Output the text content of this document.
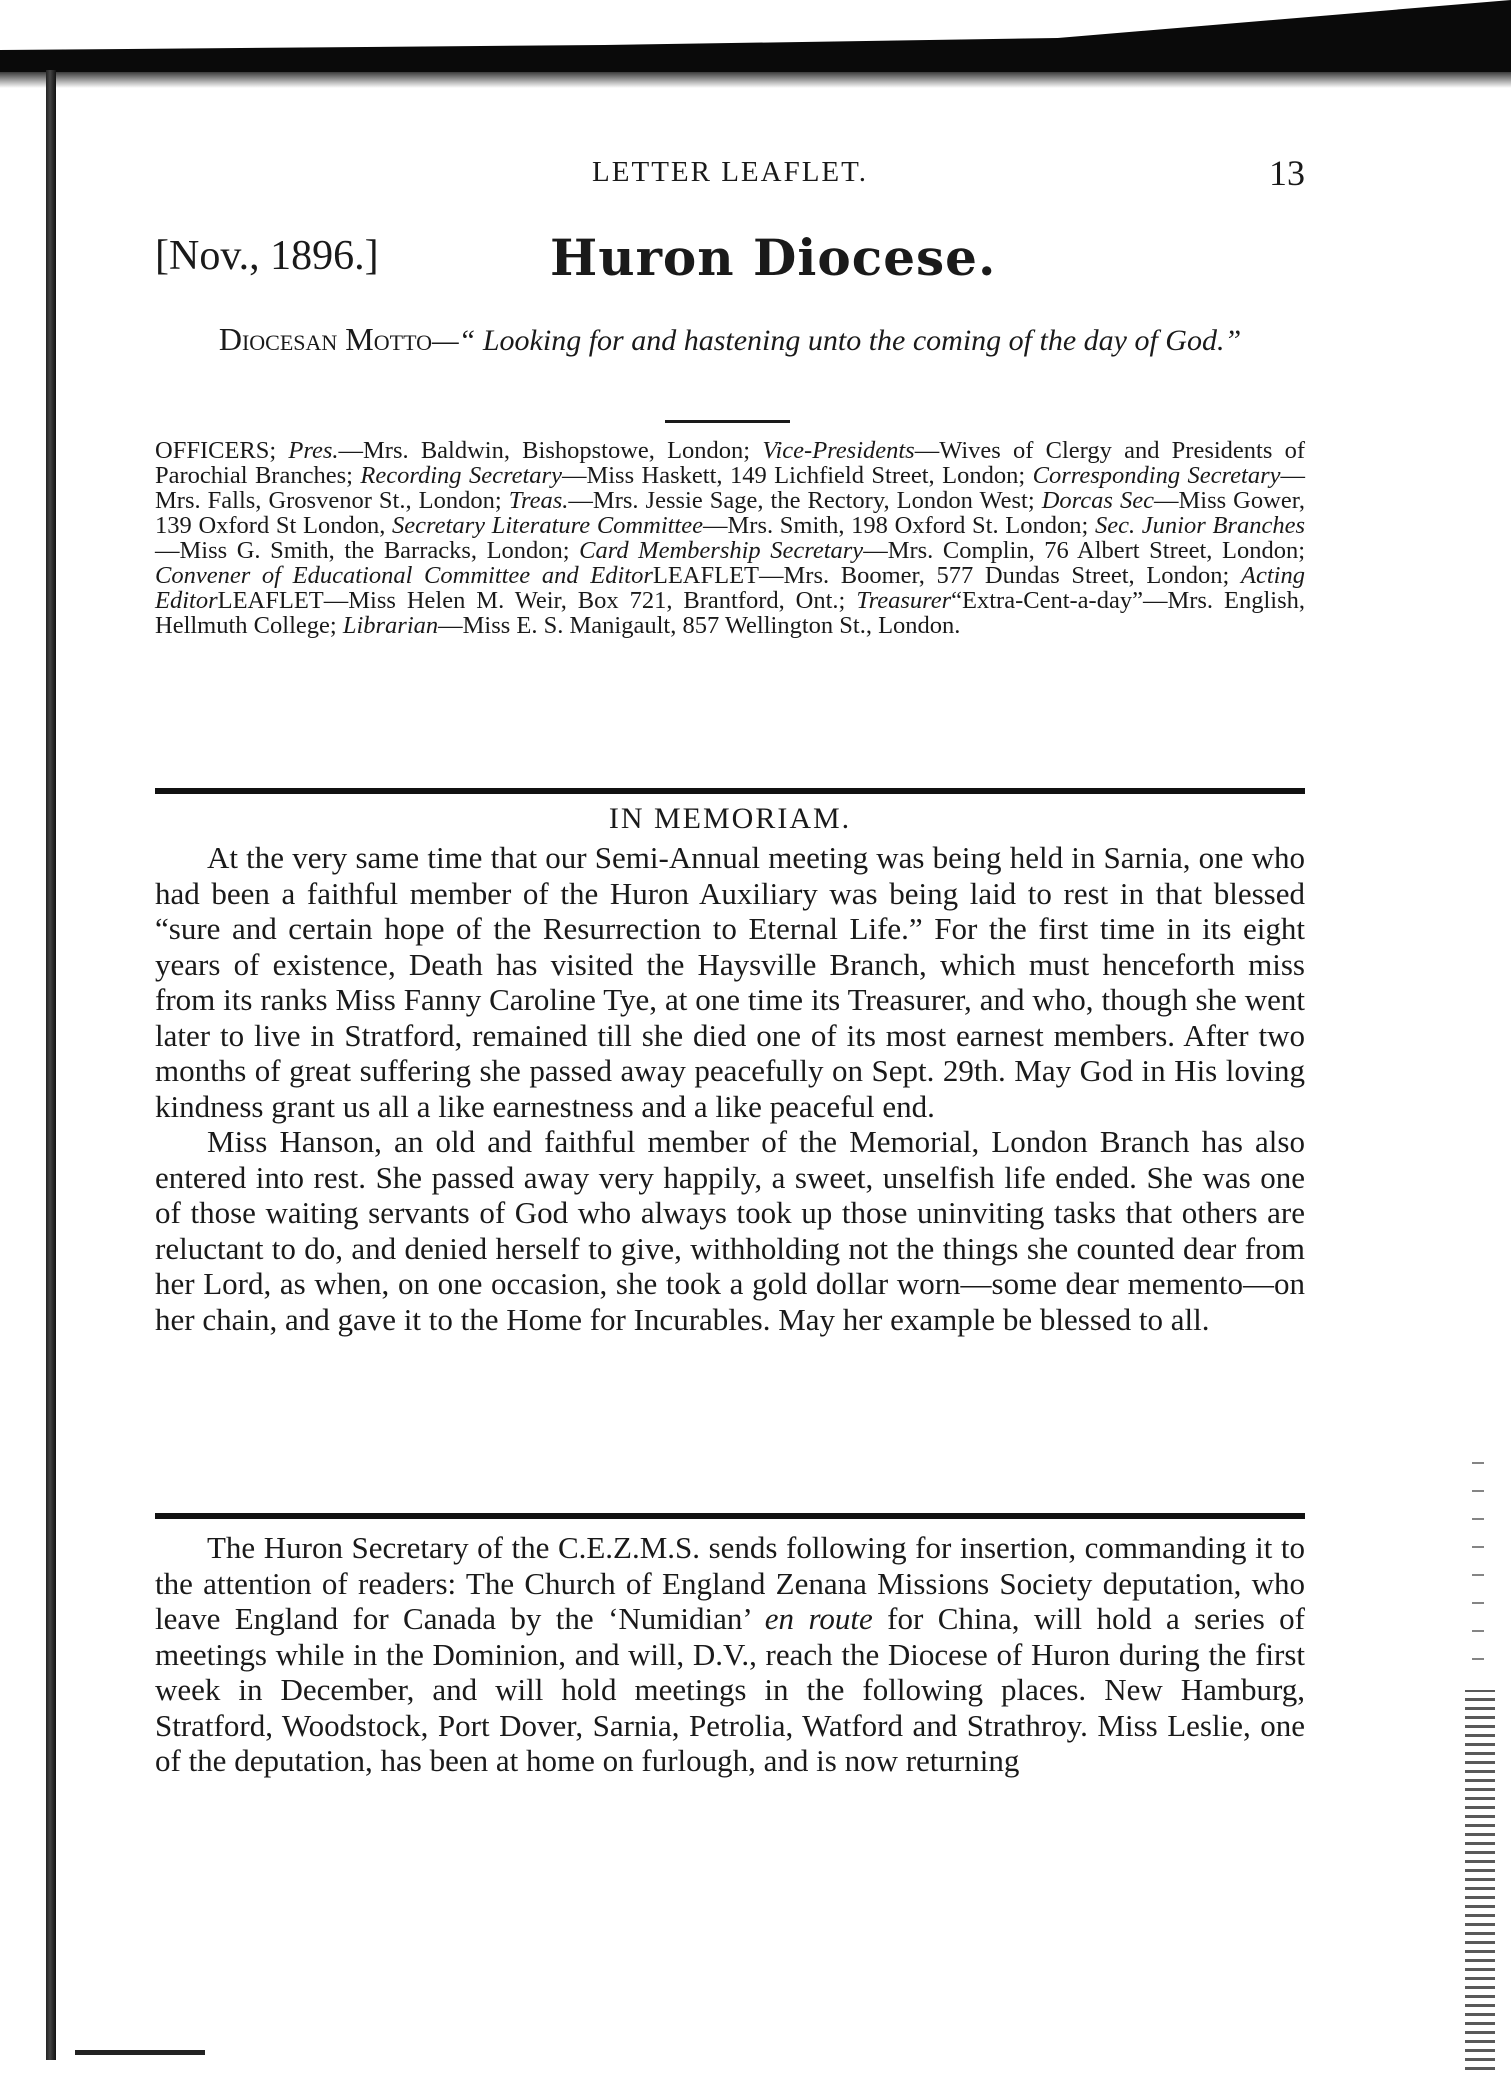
LETTER LEAFLET.	13
[Nov., 1896.]	Huron Diocese.
Diocesan Motto—“ Looking for and hastening unto the coming of the day of God.”
OFFICERS; Pres.—Mrs. Baldwin, Bishopstowe, London; Vice-Presidents—Wives of Clergy and Presidents of Parochial Branches; Recording Secretary—Miss Haskett, 149 Lichfield Street, London; Corresponding Secretary—Mrs. Falls, Grosvenor St., London; Treas.—Mrs. Jessie Sage, the Rectory, London West; Dorcas Sec—Miss Gower, 139 Oxford St London, Secretary Literature Committee—Mrs. Smith, 198 Oxford St. London; Sec. Junior Branches—Miss G. Smith, the Barracks, London; Card Membership Secretary—Mrs. Complin, 76 Albert Street, London; Convener of Educational Committee and EditorLEAFLET—Mrs. Boomer, 577 Dundas Street, London; Acting EditorLEAFLET—Miss Helen M. Weir, Box 721, Brantford, Ont.; Treasurer“Extra-Cent-a-day”—Mrs. English, Hellmuth College; Librarian—Miss E. S. Manigault, 857 Wellington St., London.
IN MEMORIAM.

At the very same time that our Semi-Annual meeting was being held in Sarnia, one who had been a faithful member of the Huron Auxiliary was being laid to rest in that blessed “sure and certain hope of the Resurrection to Eternal Life.” For the first time in its eight years of existence, Death has visited the Haysville Branch, which must henceforth miss from its ranks Miss Fanny Caroline Tye, at one time its Treasurer, and who, though she went later to live in Stratford, remained till she died one of its most earnest members. After two months of great suffering she passed away peacefully on Sept. 29th. May God in His loving kindness grant us all a like earnestness and a like peaceful end.

Miss Hanson, an old and faithful member of the Memorial, London Branch has also entered into rest. She passed away very happily, a sweet, unselfish life ended. She was one of those waiting servants of God who always took up those uninviting tasks that others are reluctant to do, and denied herself to give, withholding not the things she counted dear from her Lord, as when, on one occasion, she took a gold dollar worn—some dear memento—on her chain, and gave it to the Home for Incurables. May her example be blessed to all.

The Huron Secretary of the C.E.Z.M.S. sends following for insertion, commanding it to the attention of readers: The Church of England Zenana Missions Society deputation, who leave England for Canada by the ‘Numidian’ en route for China, will hold a series of meetings while in the Dominion, and will, D.V., reach the Diocese of Huron during the first week in December, and will hold meetings in the following places. New Hamburg, Stratford, Woodstock, Port Dover, Sarnia, Petrolia, Watford and Strathroy. Miss Leslie, one of the deputation, has been at home on furlough, and is now returning
